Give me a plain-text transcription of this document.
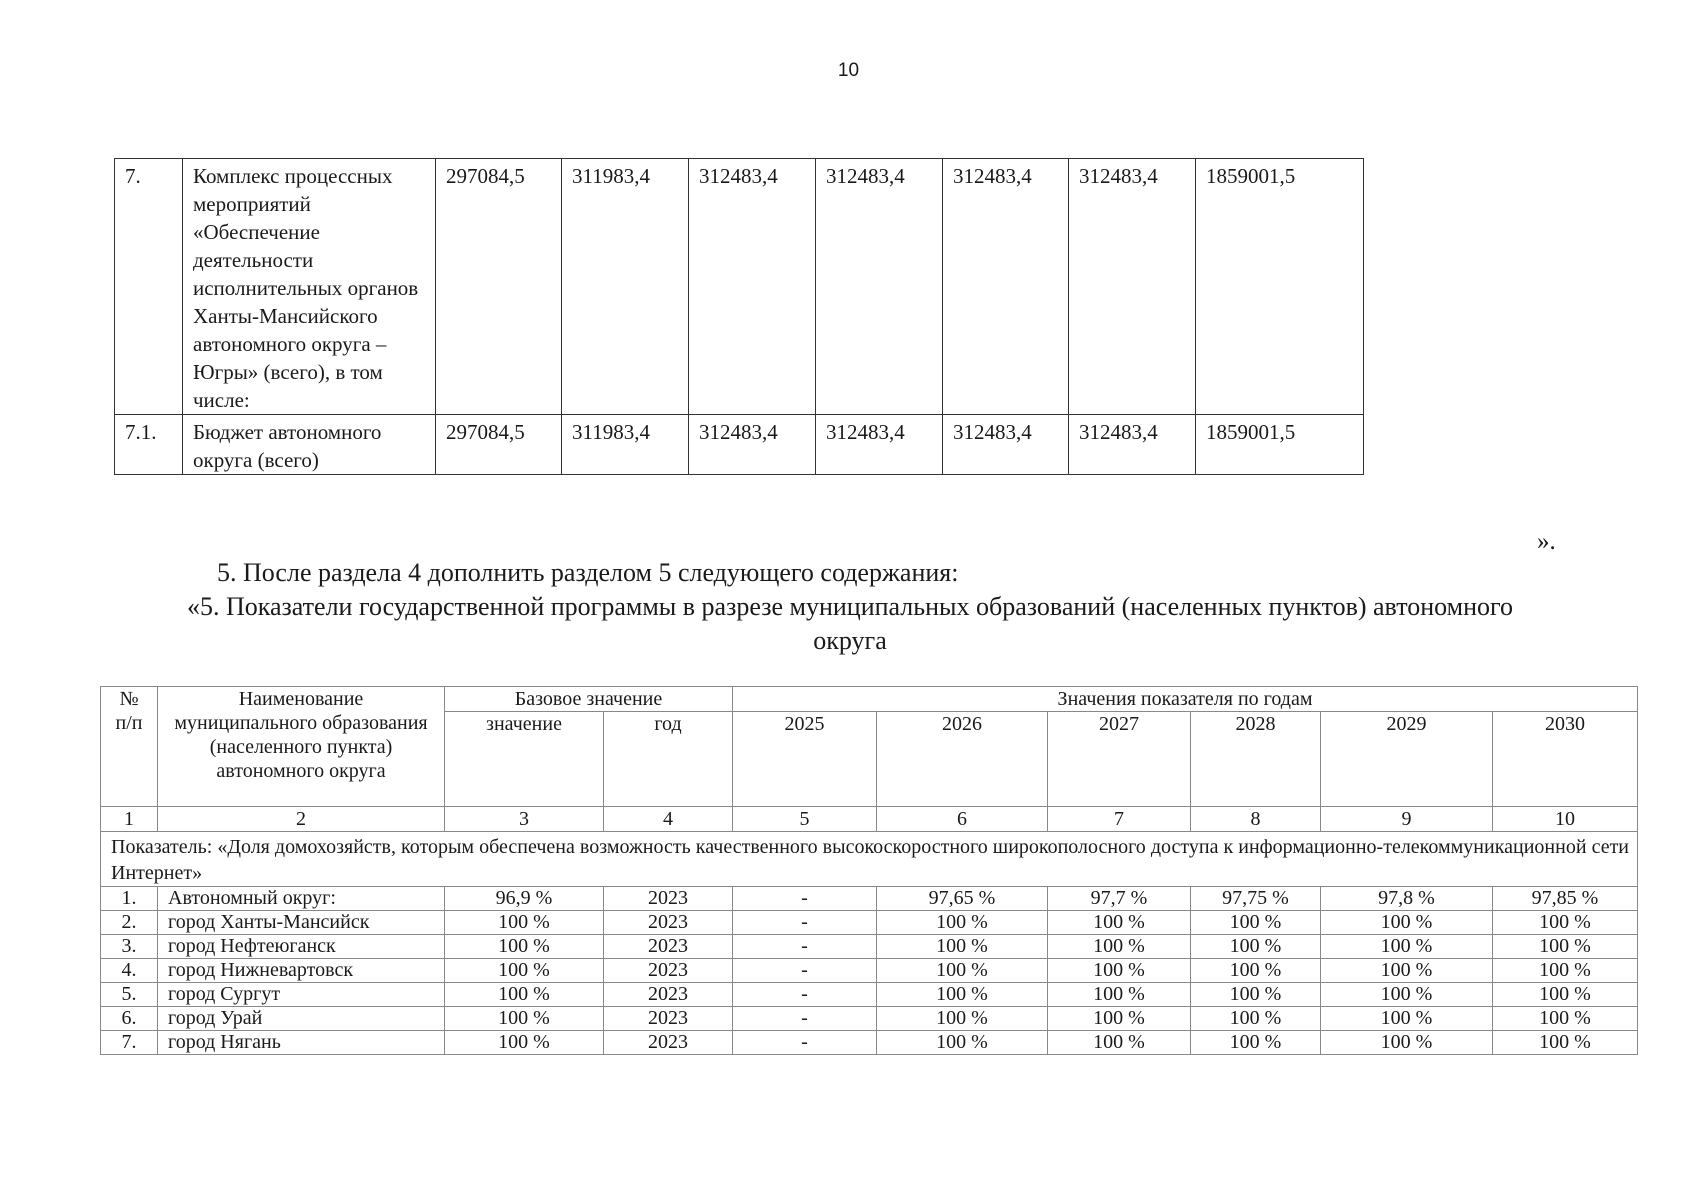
10
7.	Комплекс процессных мероприятий «Обеспечение деятельности исполнительных органов Ханты-Мансийского автономного округа – Югры» (всего), в том числе:	297084,5	311983,4	312483,4	312483,4	312483,4	312483,4	1859001,5
7.1.	Бюджет автономного округа (всего)	297084,5	311983,4	312483,4	312483,4	312483,4	312483,4	1859001,5
».
5. После раздела 4 дополнить разделом 5 следующего содержания:
«5. Показатели государственной программы в разрезе муниципальных образований (населенных пунктов) автономного округа
№ п/п	Наименование муниципального образования (населенного пункта) автономного округа	Базовое значение		Значения показателя по годам					
		значение	год	2025	2026	2027	2028	2029	2030
1	2	3	4	5	6	7	8	9	10
Показатель: «Доля домохозяйств, которым обеспечена возможность качественного высокоскоростного широкополосного доступа к информационно-телекоммуникационной сети Интернет»									
1.	Автономный округ:	96,9 %	2023	-	97,65 %	97,7 %	97,75 %	97,8 %	97,85 %
2.	город Ханты-Мансийск	100 %	2023	-	100 %	100 %	100 %	100 %	100 %
3.	город Нефтеюганск	100 %	2023	-	100 %	100 %	100 %	100 %	100 %
4.	город Нижневартовск	100 %	2023	-	100 %	100 %	100 %	100 %	100 %
5.	город Сургут	100 %	2023	-	100 %	100 %	100 %	100 %	100 %
6.	город Урай	100 %	2023	-	100 %	100 %	100 %	100 %	100 %
7.	город Нягань	100 %	2023	-	100 %	100 %	100 %	100 %	100 %
